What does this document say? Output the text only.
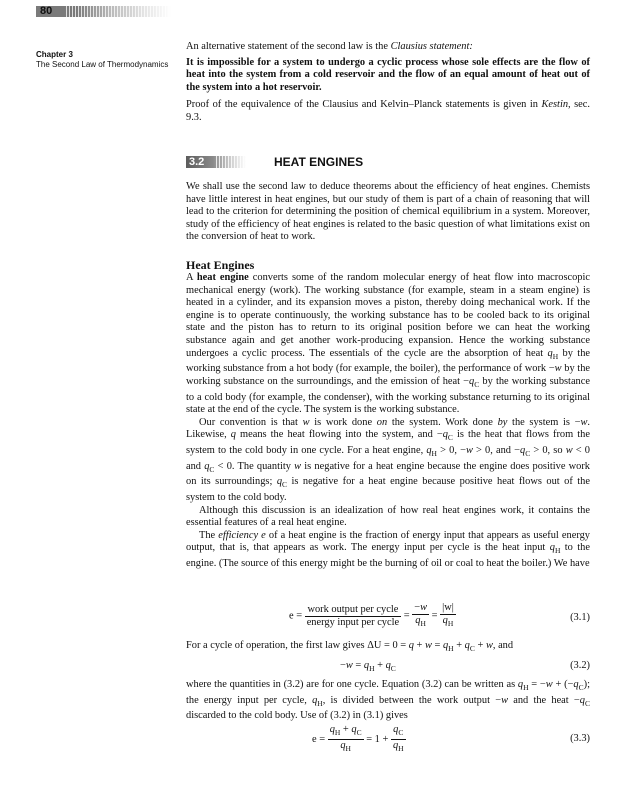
80
Chapter 3
The Second Law of Thermodynamics

An alternative statement of the second law is the Clausius statement:

It is impossible for a system to undergo a cyclic process whose sole effects are the flow of heat into the system from a cold reservoir and the flow of an equal amount of heat out of the system into a hot reservoir.

Proof of the equivalence of the Clausius and Kelvin–Planck statements is given in Kestin, sec. 9.3.

3.2	HEAT ENGINES

We shall use the second law to deduce theorems about the efficiency of heat engines. Chemists have little interest in heat engines, but our study of them is part of a chain of reasoning that will lead to the criterion for determining the position of chemical equilibrium in a system. Moreover, study of the efficiency of heat engines is related to the basic question of what limitations exist on the conversion of heat to work.

Heat Engines

A heat engine converts some of the random molecular energy of heat flow into macroscopic mechanical energy (work). The working substance (for example, steam in a steam engine) is heated in a cylinder, and its expansion moves a piston, thereby doing mechanical work. If the engine is to operate continuously, the working substance has to be cooled back to its original state and the piston has to return to its original position before we can heat the working substance again and get another work-producing expansion. Hence the working substance undergoes a cyclic process. The essentials of the cycle are the absorption of heat $q_H$ by the working substance from a hot body (for example, the boiler), the performance of work −w by the working substance on the surroundings, and the emission of heat $-q_C$ by the working substance to a cold body (for example, the condenser), with the working substance returning to its original state at the end of the cycle. The system is the working substance.

Our convention is that w is work done on the system. Work done by the system is −w. Likewise, q means the heat flowing into the system, and $-q_C$ is the heat that flows from the system to the cold body in one cycle. For a heat engine, $q_H > 0$, −w > 0, and $-q_C > 0$, so w < 0 and $q_C < 0$. The quantity w is negative for a heat engine because the engine does positive work on its surroundings; $q_C$ is negative for a heat engine because positive heat flows out of the system to the cold body.

Although this discussion is an idealization of how real heat engines work, it contains the essential features of a real heat engine.

The efficiency e of a heat engine is the fraction of energy input that appears as useful energy output, that is, that appears as work. The energy input per cycle is the heat input $q_H$ to the engine. (The source of this energy might be the burning of oil or coal to heat the boiler.) We have

$e = \frac{\text{work output per cycle}}{\text{energy input per cycle}} = \frac{-w}{q_H} = \frac{|w|}{q_H}$	(3.1)

For a cycle of operation, the first law gives $\Delta U = 0 = q + w = q_H + q_C + w$, and

$-w = q_H + q_C$	(3.2)

where the quantities in (3.2) are for one cycle. Equation (3.2) can be written as $q_H = -w + (-q_C)$; the energy input per cycle, $q_H$, is divided between the work output −w and the heat $-q_C$ discarded to the cold body. Use of (3.2) in (3.1) gives

$e = \frac{q_H + q_C}{q_H} = 1 + \frac{q_C}{q_H}$	(3.3)
